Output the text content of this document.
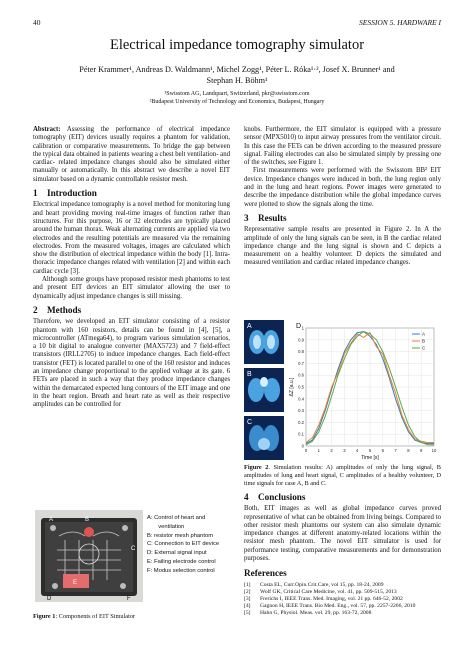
40	SESSION 5. HARDWARE I
Electrical impedance tomography simulator
Péter Krammer¹, Andreas D. Waldmann¹, Michel Zogg¹, Péter L. Róka¹·², Josef X. Brunner¹ and
Stephan H. Böhm¹
¹Swisstom AG, Landquart, Switzerland, pkr@swisstom.com
²Budapest University of Technology and Economics, Budapest, Hungary

Abstract: Assessing the performance of electrical impedance tomography (EIT) devices usually requires a phantom for validation, calibration or comparative measurements. To bridge the gap between the typical data obtained in patients wearing a chest belt ventilation- and cardiac- related impedance changes should also be simulated either manually or automatically. In this abstract we describe a novel EIT simulator based on a dynamic controllable resistor mesh.

1 Introduction

Electrical impedance tomography is a novel method for monitoring lung and heart providing moving real-time images of function rather than structures. For this purpose, 16 or 32 electrodes are typically placed around the human thorax. Weak alternating currents are applied via two electrodes and the resulting potentials are measured via the remaining electrodes. From the measured voltages, images are calculated which show the distribution of electrical impedance within the body [1]. Intra-thoracic impedance changes related with ventilation [2] and within each cardiac cycle [3].

Although some groups have proposed resistor mesh phantoms to test and present EIT devices an EIT simulator allowing the user to dynamically adjust impedance changes is still missing.

2 Methods

Therefore, we developed an EIT simulator consisting of a resistor phantom with 160 resistors, details can be found in [4], [5], a microcontroller (ATmega64), to program various simulation scenarios, a 10 bit digital to analogue converter (MAX5723) and 7 field-effect transistors (IRLL2705) to induce impedance changes. Each field-effect transistor (FET) is located parallel to one of the 160 resistor and induces an impedance change proportional to the applied voltage at its gate. 6 FETs are placed in such a way that they produce impedance changes within the demarcated expected lung contours of the EIT image and one in the heart region. Breath and heart rate as well as their respective amplitudes can be controlled for

A	B
C
D
E
F
A: Control of heart and
ventilation
B: resistor mesh phantom
C: Connection to EIT device
D: External signal input
E: Failing electrode control
F: Modus selection control
Figure 1: Components of EIT Simulator

knobs. Furthermore, the EIT simulator is equipped with a pressure sensor (MPX5010) to input airway pressures from the ventilator circuit. In this case the FETs can be driven according to the measured pressure signal. Failing electrodes can also be simulated simply by pressing one of the switches, see Figure 1.

First measurements were performed with the Swisstom BB² EIT device. Impedance changes were induced in both, the lung region only and in the lung and heart regions. Power images were generated to describe the impedance distribution while the global impedance curves were plotted to show the signals along the time.

3 Results

Representative sample results are presented in Figure 2. In A the amplitude of only the lung signals can be seen, in B the cardiac related impedance change and the lung signal is shown and C depicts a measurement on a healthy volunteer. D depicts the simulated and measured ventilation and cardiac related impedance changes.

A
B
C
D
0 1 2 3 4 5 6 7 8 9 10
0
0.1
0.2
0.3
0.4
0.5
0.6
0.7
0.8
0.9
1
Time [s]
ΔZ [a.u.]
A
B
C
Figure 2. Simulation results: A) amplitudes of only the lung signal, B amplitudes of lung and heart signal, C amplitudes of a healthy volunteer, D time signals for case A, B and C.
4 Conclusions

Both, EIT images as well as global impedance curves proved representative of what can be obtained from living beings. Compared to other resistor mesh phantoms our system can also simulate dynamic impedance changes at different anatomy-related locations within the resistor mesh phantom. The novel EIT simulator is used for performance testing, comparative measurements and for demonstration purposes.

References
[1]	Costa EL, Curr.Opin.Crit.Care, vol 15, pp. 18-24, 2009
[2]	Wolf GK, Critical Care Medicine, vol. 41, pp. 509-515, 2013
[3]	Frerichs I, IEEE Trans. Med. Imaging, vol. 21 pp. 646-52, 2002
[4]	Gagnon H, IEEE Trans. Bio Med. Eng., vol. 57, pp. 2257-2266, 2010
[5]	Hahn G, Physiol. Meas. vol. 29, pp. 163-72, 2008
